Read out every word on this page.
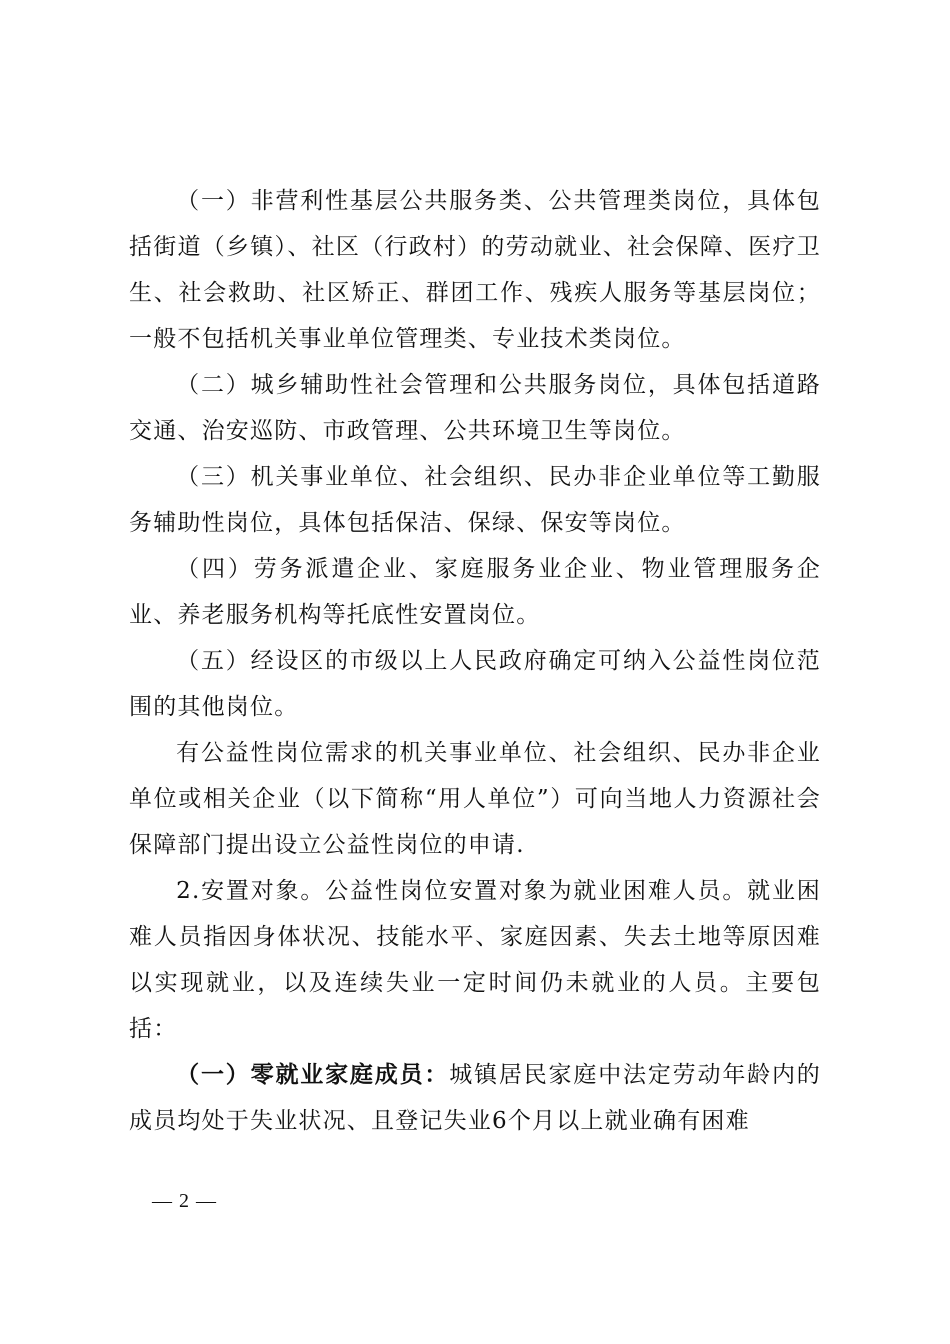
（一）非营利性基层公共服务类、公共管理类岗位，具体包括街道（乡镇）、社区（行政村）的劳动就业、社会保障、医疗卫生、社会救助、社区矫正、群团工作、残疾人服务等基层岗位；一般不包括机关事业单位管理类、专业技术类岗位。

（二）城乡辅助性社会管理和公共服务岗位，具体包括道路交通、治安巡防、市政管理、公共环境卫生等岗位。

（三）机关事业单位、社会组织、民办非企业单位等工勤服务辅助性岗位，具体包括保洁、保绿、保安等岗位。

（四）劳务派遣企业、家庭服务业企业、物业管理服务企业、养老服务机构等托底性安置岗位。

（五）经设区的市级以上人民政府确定可纳入公益性岗位范围的其他岗位。

有公益性岗位需求的机关事业单位、社会组织、民办非企业单位或相关企业（以下简称“用人单位”）可向当地人力资源社会保障部门提出设立公益性岗位的申请.

2.安置对象。公益性岗位安置对象为就业困难人员。就业困难人员指因身体状况、技能水平、家庭因素、失去土地等原因难以实现就业，以及连续失业一定时间仍未就业的人员。主要包括：

（一）零就业家庭成员：城镇居民家庭中法定劳动年龄内的成员均处于失业状况、且登记失业6个月以上就业确有困难

— 2 —
